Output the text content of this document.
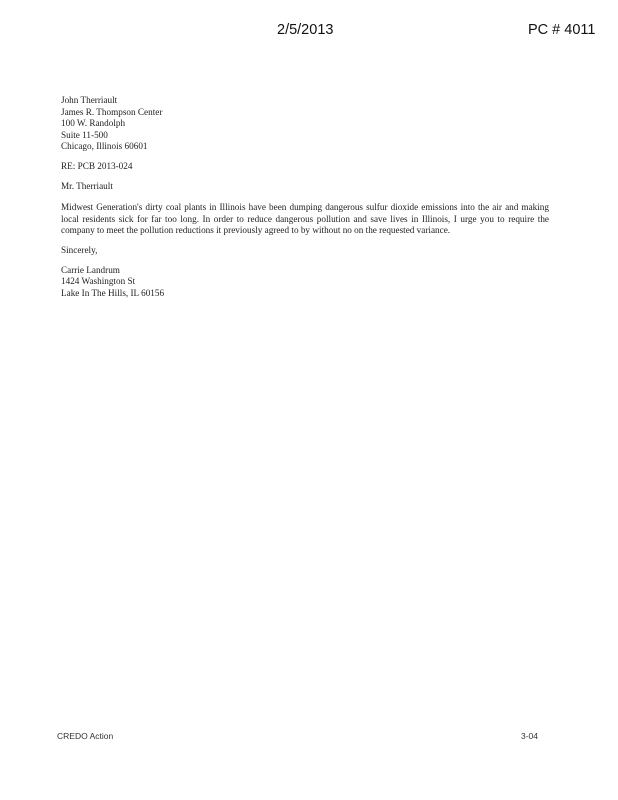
2/5/2013	PC # 4011
John Therriault
James R. Thompson Center
100 W. Randolph
Suite 11-500
Chicago, Illinois 60601
RE: PCB 2013-024
Mr. Therriault
Midwest Generation's dirty coal plants in Illinois have been dumping dangerous sulfur dioxide emissions into the air and making local residents sick for far too long. In order to reduce dangerous pollution and save lives in Illinois, I urge you to require the company to meet the pollution reductions it previously agreed to by without no on the requested variance.
Sincerely,
Carrie Landrum
1424 Washington St
Lake In The Hills, IL 60156
CREDO Action	3-04
